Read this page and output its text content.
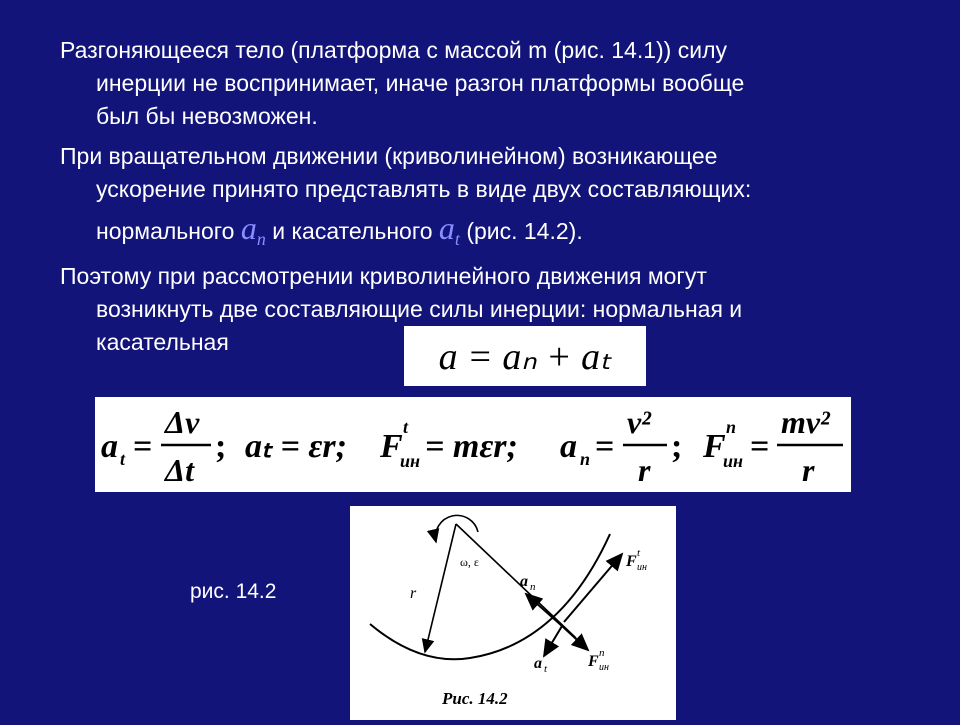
Разгоняющееся тело (платформа с массой m (рис. 14.1)) силу
инерции не воспринимает, иначе разгон платформы вообще
был бы невозможен.
При вращательном движении (криволинейном) возникающее
ускорение принято представлять в виде двух составляющих:
нормального $a_n$ и касательного $a_t$ (рис. 14.2).
Поэтому при рассмотрении криволинейного движения могут
возникнуть две составляющие силы инерции: нормальная и
касательная	a = aₙ + aₜ
a t =
Δv
Δt
; aₜ = εr; F
t
ин = mεr; a n =
v²
r
; F
n
ин =
mv²
r
рис. 14.2
ω, ε
r
a n
a t
F t
ин
F n
ин
Рис. 14.2
